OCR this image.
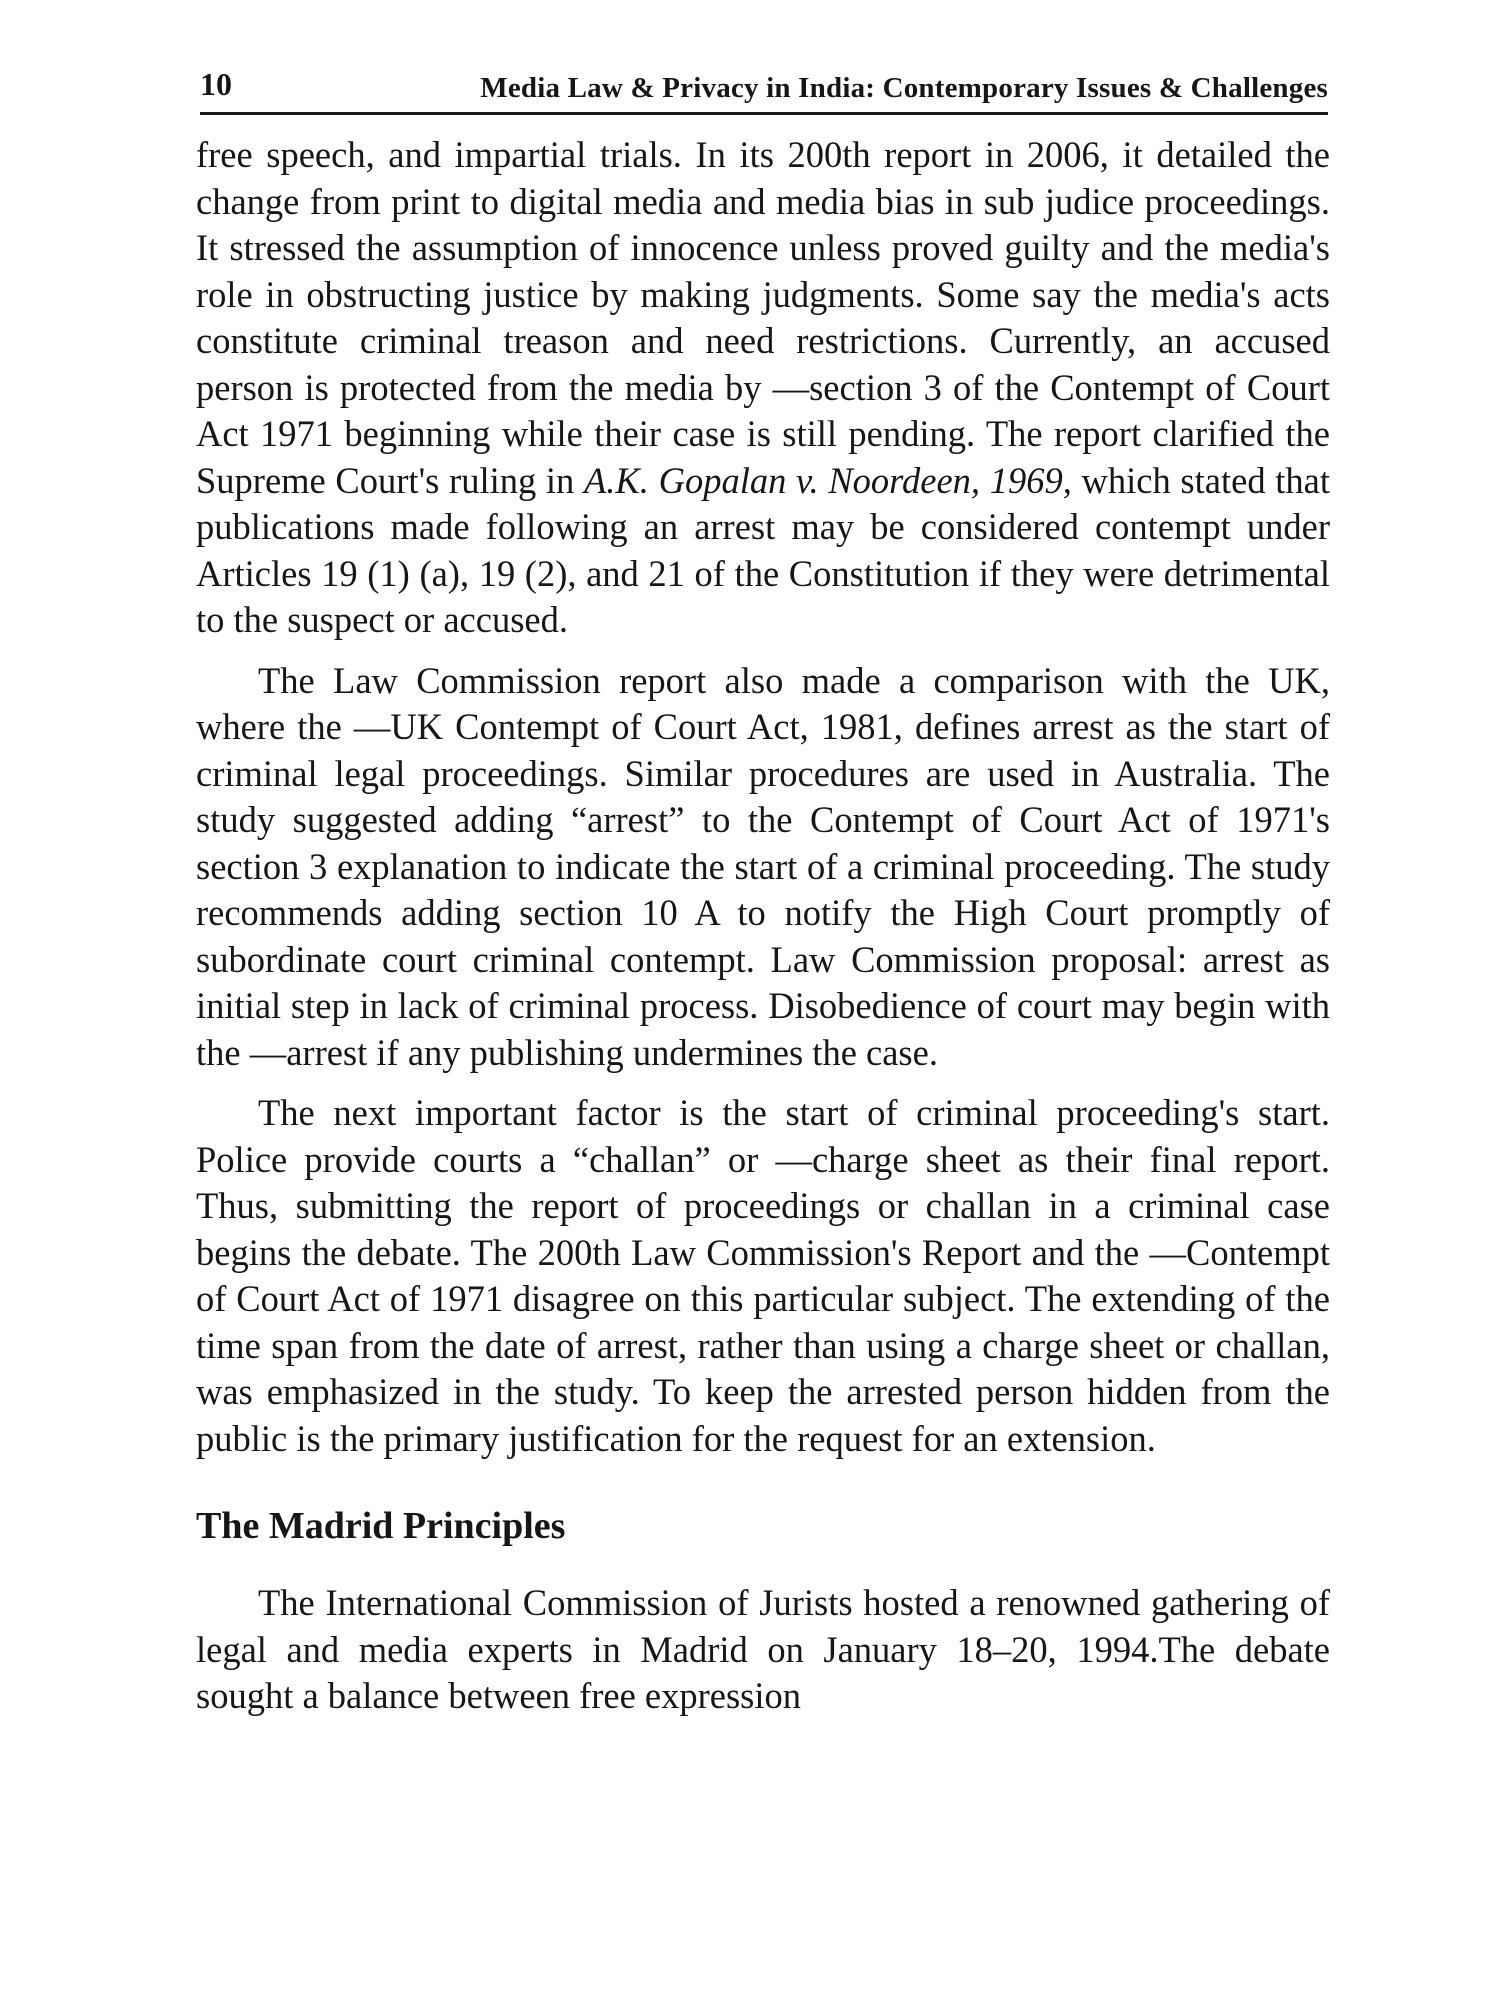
10	Media Law & Privacy in India: Contemporary Issues & Challenges

free speech, and impartial trials. In its 200th report in 2006, it detailed the change from print to digital media and media bias in sub judice proceedings. It stressed the assumption of innocence unless proved guilty and the media's role in obstructing justice by making judgments. Some say the media's acts constitute criminal treason and need restrictions. Currently, an accused person is protected from the media by —section 3 of the Contempt of Court Act 1971 beginning while their case is still pending. The report clarified the Supreme Court's ruling in A.K. Gopalan v. Noordeen, 1969, which stated that publications made following an arrest may be considered contempt under Articles 19 (1) (a), 19 (2), and 21 of the Constitution if they were detrimental to the suspect or accused.

The Law Commission report also made a comparison with the UK, where the —UK Contempt of Court Act, 1981, defines arrest as the start of criminal legal proceedings. Similar procedures are used in Australia. The study suggested adding “arrest” to the Contempt of Court Act of 1971's section 3 explanation to indicate the start of a criminal proceeding. The study recommends adding section 10 A to notify the High Court promptly of subordinate court criminal contempt. Law Commission proposal: arrest as initial step in lack of criminal process. Disobedience of court may begin with the —arrest if any publishing undermines the case.

The next important factor is the start of criminal proceeding's start. Police provide courts a “challan” or —charge sheet as their final report. Thus, submitting the report of proceedings or challan in a criminal case begins the debate. The 200th Law Commission's Report and the —Contempt of Court Act of 1971 disagree on this particular subject. The extending of the time span from the date of arrest, rather than using a charge sheet or challan, was emphasized in the study. To keep the arrested person hidden from the public is the primary justification for the request for an extension.

The Madrid Principles

The International Commission of Jurists hosted a renowned gathering of legal and media experts in Madrid on January 18–20, 1994.The debate sought a balance between free expression
